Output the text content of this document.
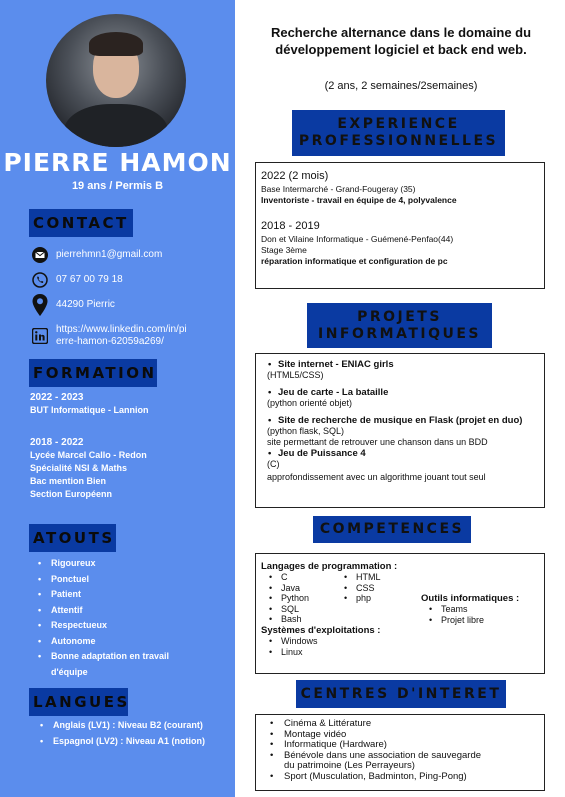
PIERRE HAMON
19 ans / Permis B
CONTACT
pierrehmn1@gmail.com
07 67 00 79 18
44290 Pierric
https://www.linkedin.com/in/pi
erre-hamon-62059a269/
FORMATION
2022 - 2023
BUT Informatique - Lannion
2018 - 2022
Lycée Marcel Callo - Redon
Spécialité NSI & Maths
Bac mention Bien
Section Européenn
ATOUTS
• Rigoureux
• Ponctuel
• Patient
• Attentif
• Respectueux
• Autonome
• Bonne adaptation en travail
d'équipe
LANGUES
• Anglais (LV1) : Niveau B2 (courant)
• Espagnol (LV2) : Niveau A1 (notion)
Recherche alternance dans le domaine du développement logiciel et back end web.
(2 ans, 2 semaines/2semaines)
EXPERIENCE PROFESSIONNELLES
2022 (2 mois)
Base Intermarché - Grand-Fougeray (35)
Inventoriste - travail en équipe de 4, polyvalence
2018 - 2019
Don et Vilaine Informatique - Guémené-Penfao(44)
Stage 3ème
réparation informatique et configuration de pc
PROJETS INFORMATIQUES
• Site internet - ENIAC girls
(HTML5/CSS)
• Jeu de carte - La bataille
(python orienté objet)
• Site de recherche de musique en Flask (projet en duo)
(python flask, SQL)
site permettant de retrouver une chanson dans un BDD
• Jeu de Puissance 4
(C)
approfondissement avec un algorithme jouant tout seul
COMPETENCES
Langages de programmation :
• C
• Java
• Python
• SQL
• Bash
• HTML
• CSS
• php	Outils informatiques :
• Teams
• Projet libre
Systèmes d'exploitations :
• Windows
• Linux
CENTRES D'INTERET
• Cinéma & Littérature
• Montage vidéo
• Informatique (Hardware)
• Bénévole dans une association de sauvegarde
du patrimoine (Les Perrayeurs)
• Sport (Musculation, Badminton, Ping-Pong)
